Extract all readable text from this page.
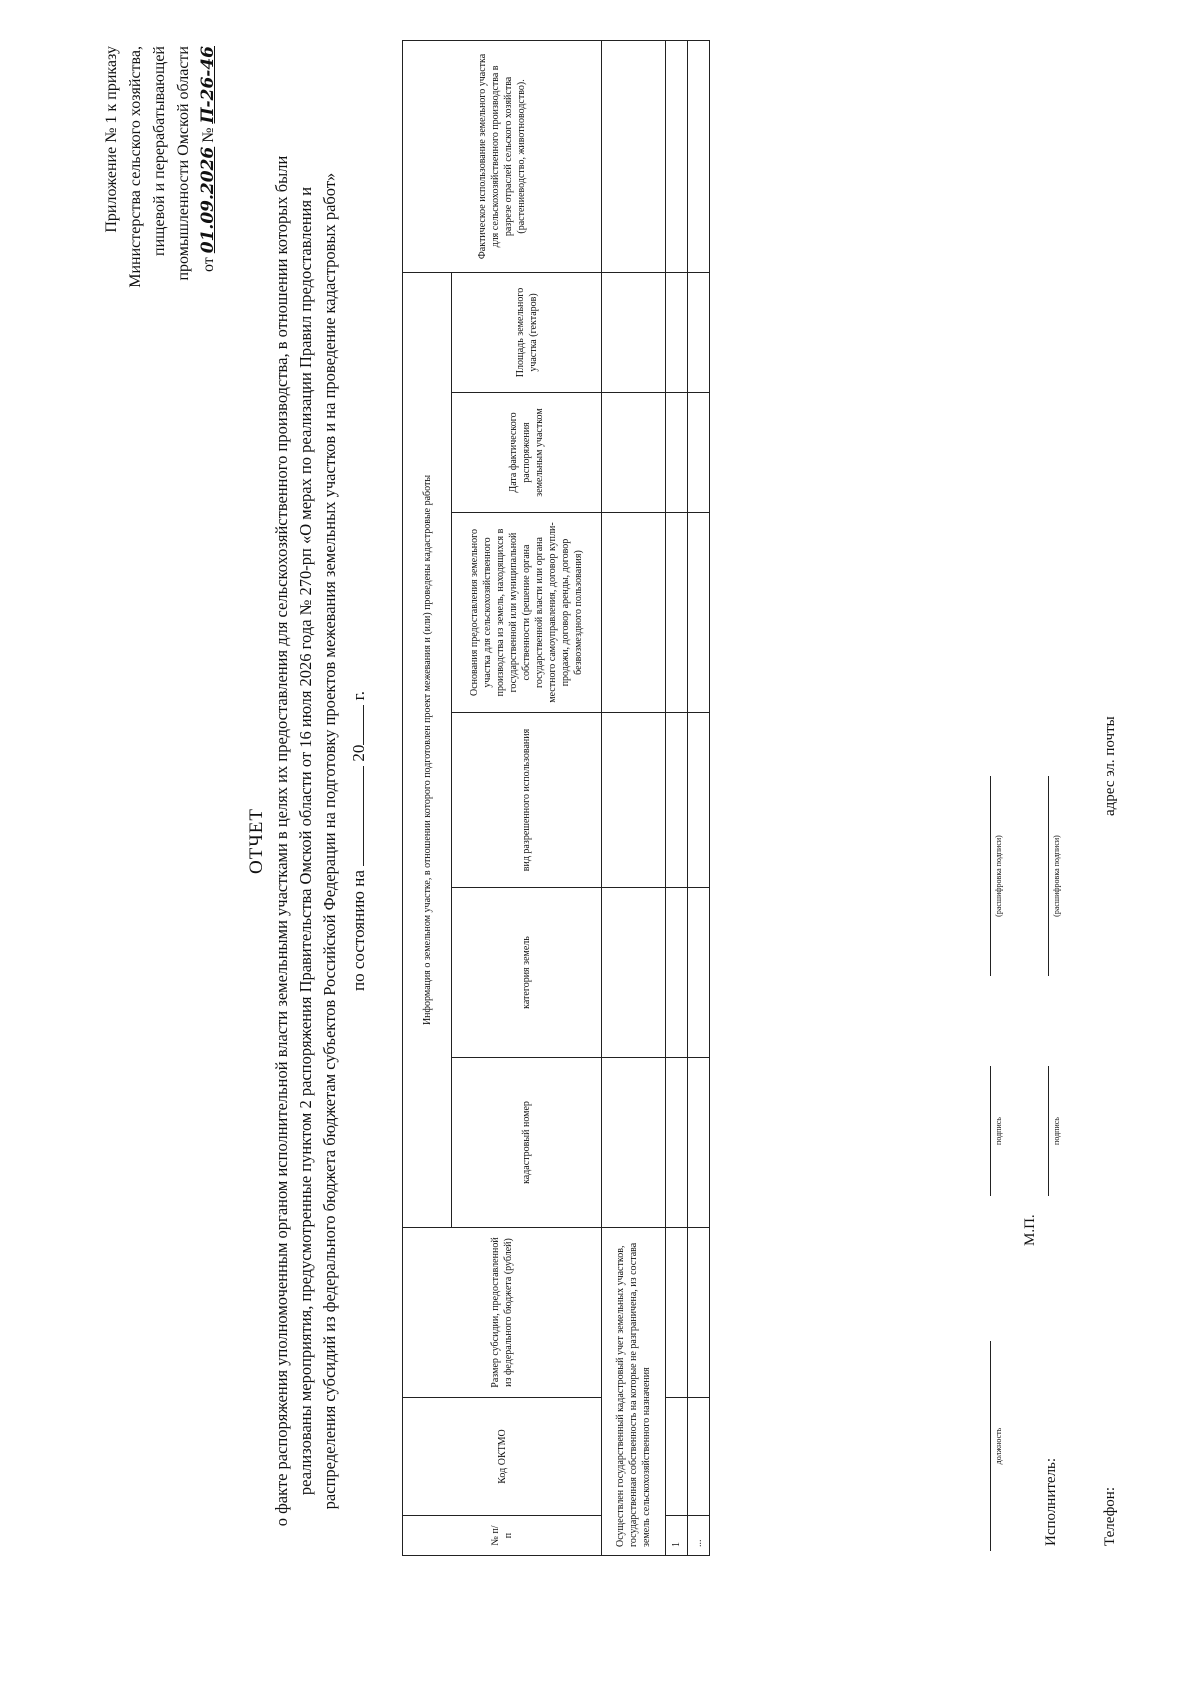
Приложение № 1 к приказу Министерства сельского хозяйства, пищевой и перерабатывающей промышленности Омской области от 01.09.2026 № П-26-46
ОТЧЕТ о факте распоряжения уполномоченным органом исполнительной власти земельными участками в целях их предоставления для сельскохозяйственного производства, в отношении которых были реализованы мероприятия, предусмотренные пунктом 2 распоряжения Правительства Омской области от 16 июля 2026 года № 270-рп «О мерах по реализации Правил предоставления и распределения субсидий из федерального бюджета бюджетам субъектов Российской Федерации на подготовку проектов межевания земельных участков и на проведение кадастровых работ» по состоянию на  20 г.
№ п/п	Код ОКТМО	Размер субсидии, предоставленной из федерального бюджета (рублей)	Информация о земельном участке, в отношении которого подготовлен проект межевания и (или) проведены кадастровые работы						Фактическое использование земельного участка для сельскохозяйственного производства в разрезе отраслей сельского хозяйства (растениеводство, животноводство).
			кадастровый номер	категория земель	вид разрешенного использования	Основания предоставления земельного участка для сельскохозяйственного производства из земель, находящихся в государственной или муниципальной собственности (решение органа государственной власти или органа местного самоуправления, договор купли-продажи, договор аренды, договор безвозмездного пользования)	Дата фактического распоряжения земельным участком	Площадь земельного участка (гектаров)	
Осуществлен государственный кадастровый учет земельных участков, государственная собственность на которые не разграничена, из состава земель сельскохозяйственного назначения									
1									
...									
должность
подпись
(расшифровка подписи)
М.П.
Исполнитель:
подпись
(расшифровка подписи)
Телефон:
адрес эл. почты
